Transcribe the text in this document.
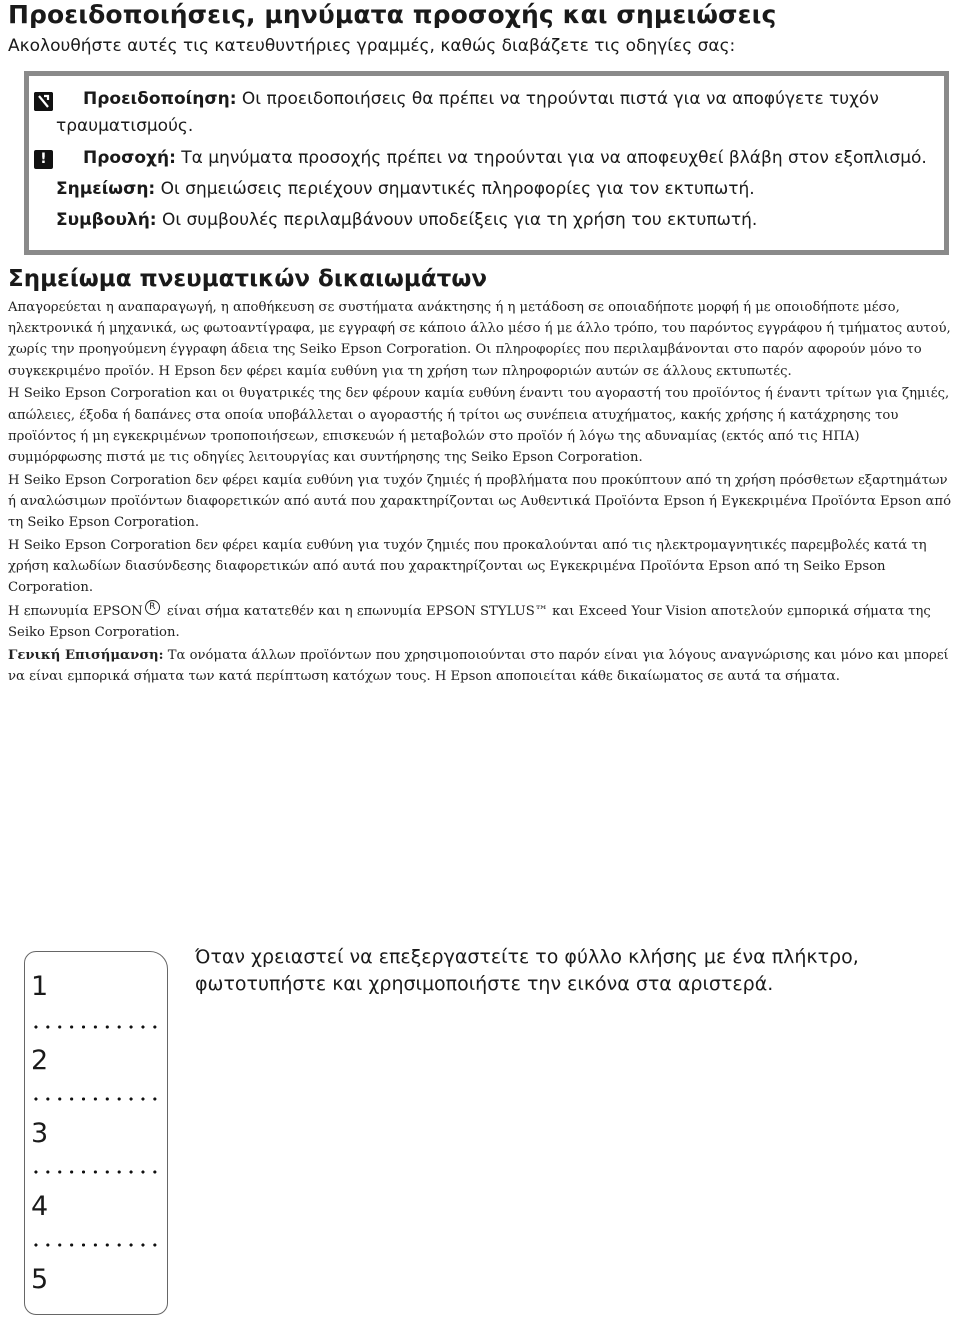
Προειδοποιήσεις, μηνύματα προσοχής και σημειώσεις
Ακολουθήστε αυτές τις κατευθυντήριες γραμμές, καθώς διαβάζετε τις οδηγίες σας:
Προειδοποίηση: Οι προειδοποιήσεις θα πρέπει να τηρούνται πιστά για να αποφύγετε τυχόν
τραυματισμούς.
!	Προσοχή: Τα μηνύματα προσοχής πρέπει να τηρούνται για να αποφευχθεί βλάβη στον εξοπλισμό.
Σημείωση: Οι σημειώσεις περιέχουν σημαντικές πληροφορίες για τον εκτυπωτή.
Συμβουλή: Οι συμβουλές περιλαμβάνουν υποδείξεις για τη χρήση του εκτυπωτή.
Σημείωμα πνευματικών δικαιωμάτων

Απαγορεύεται η αναπαραγωγή, η αποθήκευση σε συστήματα ανάκτησης ή η μετάδοση σε οποιαδήποτε μορφή ή με οποιοδήποτε μέσο, ηλεκτρονικά ή μηχανικά, ως φωτοαντίγραφα, με εγγραφή σε κάποιο άλλο μέσο ή με άλλο τρόπο, του παρόντος εγγράφου ή τμήματος αυτού, χωρίς την προηγούμενη έγγραφη άδεια της Seiko Epson Corporation. Οι πληροφορίες που περιλαμβάνονται στο παρόν αφορούν μόνο το συγκεκριμένο προϊόν. Η Epson δεν φέρει καμία ευθύνη για τη χρήση των πληροφοριών αυτών σε άλλους εκτυπωτές.

Η Seiko Epson Corporation και οι θυγατρικές της δεν φέρουν καμία ευθύνη έναντι του αγοραστή του προϊόντος ή έναντι τρίτων για ζημιές, απώλειες, έξοδα ή δαπάνες στα οποία υποβάλλεται ο αγοραστής ή τρίτοι ως συνέπεια ατυχήματος, κακής χρήσης ή κατάχρησης του προϊόντος ή μη εγκεκριμένων τροποποιήσεων, επισκευών ή μεταβολών στο προϊόν ή λόγω της αδυναμίας (εκτός από τις ΗΠΑ) συμμόρφωσης πιστά με τις οδηγίες λειτουργίας και συντήρησης της Seiko Epson Corporation.

Η Seiko Epson Corporation δεν φέρει καμία ευθύνη για τυχόν ζημιές ή προβλήματα που προκύπτουν από τη χρήση πρόσθετων εξαρτημάτων ή αναλώσιμων προϊόντων διαφορετικών από αυτά που χαρακτηρίζονται ως Αυθεντικά Προϊόντα Epson ή Εγκεκριμένα Προϊόντα Epson από τη Seiko Epson Corporation.

Η Seiko Epson Corporation δεν φέρει καμία ευθύνη για τυχόν ζημιές που προκαλούνται από τις ηλεκτρομαγνητικές παρεμβολές κατά τη χρήση καλωδίων διασύνδεσης διαφορετικών από αυτά που χαρακτηρίζονται ως Εγκεκριμένα Προϊόντα Epson από τη Seiko Epson Corporation.

Η επωνυμία EPSON R είναι σήμα κατατεθέν και η επωνυμία EPSON STYLUS™ και Exceed Your Vision αποτελούν εμπορικά σήματα της Seiko Epson Corporation.

Γενική Επισήμανση: Τα ονόματα άλλων προϊόντων που χρησιμοποιούνται στο παρόν είναι για λόγους αναγνώρισης και μόνο και μπορεί να είναι εμπορικά σήματα των κατά περίπτωση κατόχων τους. Η Epson αποποιείται κάθε δικαίωματος σε αυτά τα σήματα.

1
2
3
4
5
Όταν χρειαστεί να επεξεργαστείτε το φύλλο κλήσης με ένα πλήκτρο, φωτοτυπήστε και χρησιμοποιήστε την εικόνα στα αριστερά.
